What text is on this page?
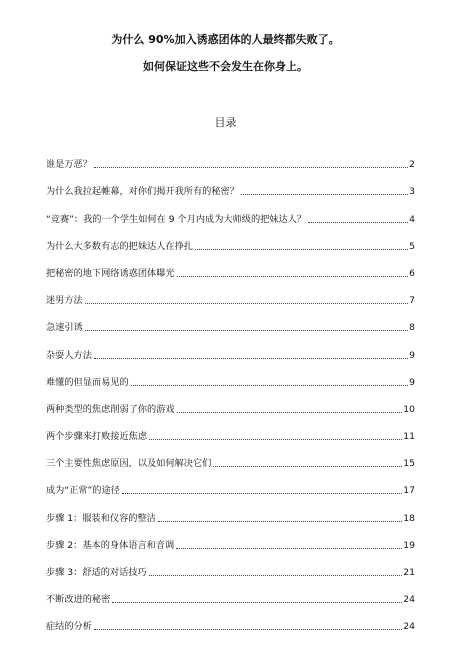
为什么 90%加入诱惑团体的人最终都失败了。
如何保证这些不会发生在你身上。
目录
谁是万恶？	2
为什么我拉起帷幕，对你们揭开我所有的秘密？	3
“竞赛”：我的一个学生如何在 9 个月内成为大师级的把妹达人？	4
为什么大多数有志的把妹达人在挣扎	5
把秘密的地下网络诱惑团体曝光	6
迷男方法	7
急速引诱	8
杂耍人方法	9
难懂的但显而易见的	9
两种类型的焦虑削弱了你的游戏	10
两个步骤来打败接近焦虑	11
三个主要性焦虑原因，以及如何解决它们	15
成为“正常”的途径	17
步骤 1：服装和仪容的整洁	18
步骤 2：基本的身体语言和音调	19
步骤 3：舒适的对话技巧	21
不断改进的秘密	24
症结的分析	24
